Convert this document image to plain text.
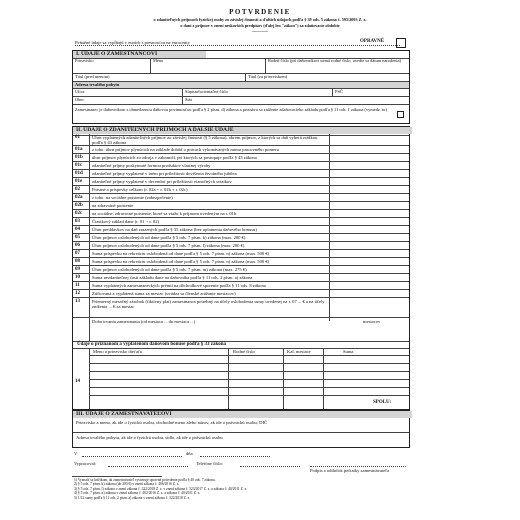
POTVRDENIE
o zdaniteľných príjmoch fyzickej osoby zo závislej činnosti a ďalších údajoch podľa § 39 ods. 5 zákona č. 595/2003 Z. z.
o dani z príjmov v znení neskorších predpisov (ďalej len "zákon") za zdaňovacie obdobie
...............
Peňažné údaje sa vypĺňajú v eurách s presnosťou na eurocenty	OPRAVNÉ
I. ÚDAJE O ZAMESTNANCOVI
Priezvisko	Meno	Rodné číslo (pri daňovníkovi nemá rodné číslo, uvedie sa dátum narodenia)
Titul (pred menom)	Titul (za priezviskom)
Adresa trvalého pobytu
Ulica	Súpisné/orientačné číslo	PSČ
Obec	Štát
Zamestnanec je daňovníkom s obmedzenou daňovou povinnosťou podľa § 2 písm. d) zákona a priznáva sa zníženie zdaňovacieho základu podľa § 11 ods. 1 zákona (vymedz. tu)
II. ÚDAJE O ZDANITEĽNÝCH PRÍJMOCH A ĎALŠIE ÚDAJE
01	Úhrn vyplatených zdaniteľných príjmov zo závislej činnosti (§ 5 zákona), okrem príjmov, z ktorých sa daň vyberá zrážkou podľa § 43 zákona
01a z toho: úhrn príjmov plynúcich na základe dohôd o prácach vykonávaných mimo pracovného pomeru
01b úhrn príjmov plynúcich zo zdroja v zahraničí, pri ktorých sa postupuje podľa § 45 zákona
01c zdaniteľné príjmy poskytnuté formou produktov vlastnej výroby
01d zdaniteľné príjmy vyplatené v iném pri príležitosti dovŕšenia životného jubilea
01e zdaniteľné príjmy vyplatené v decembri pri príležitosti vianočných sviatkov
02	Poistné a príspevky celkom (r. 02a + r. 02b + r. 02c)
02a z toho: na sociálne poistenie (zabezpečenie)
02b na zdravotné poistenie
02c na sociálne, zdravotné poistenie, ktoré sa viažu k príjmom uvedeným na r. 01b
03	Čiastkový základ dane (r. 01 − r. 02)
04	Úhrn preddavkov na daň zrazených podľa § 35 zákona (bez uplatnenia daňového bonusu)
05	Úhrn príjmov oslobodených od dane podľa § 5 ods. 7 písm. k) zákona (max. 200 €)
06	Úhrn príjmov oslobodených od dane podľa § 5 ods. 7 písm. l) zákona (max. 200 €)
07	Suma príspevku na rekreáciu oslobodená od dane podľa § 5 ods. 7 písm. n) zákona (max. 500 €)
08	Suma príspevku na rekreáciu oslobodená od dane podľa § 5 ods. 7 písm. n) zákona (max. 500 €)
09	Úhrn príjmov oslobodených od dane podľa § 5 ods. 7 písm. m) zákona (max. 275 €)
10	Suma nezdaniteľnej časti základu dane na daňovníka podľa § 11 ods. 2 písm. a) zákona
11	Suma vyplatených zamestnaneckých prémií na dôchodkové sporenie podľa § 11 ods. 8 zákona
12	Zúčtovaná a vyplatená suma za mesiac (uvádza sa členské zrážanie mesiacov)
13	Priemerný mesačný zárobok (fiktívny plat) zamestnanca potrebný na účely oslobodenia sumy uvedenej na r. 07 ... € a na účely zníženia ... € za mesiac
Doba trvania zamestnania (od mesiaca ... do mesiaca ...)	mesiacov
Údaje o priznanom a vyplatenom daňovom bonuse podľa § 33 zákona
14
Meno a priezvisko dieťaťa	Rodné číslo	Kal. mesiace	Suma
SPOLU:
III. ÚDAJE O ZAMESTNÁVATEĽOVI
Priezvisko a meno, ak ide o fyzickú osobu, obchodné meno alebo názov, ak ide o právnickú osobu; DIČ
Adresa trvalého pobytu, ak ide o fyzickú osobu, sídlo, ak ide o právnickú osobu
V	dňa
Vypracoval:	Telefóne číslo:
Podpis a odtlačok pečiatky zamestnávateľa
1) Vyznačí sa krížikom, ak zamestnávateľ vystavuje opravné potvrdenie podľa § 40 ods. 7 zákona.
2) § 5 ods. 7 písm. k) zákona (do 200 €) v znení zákona č. 406/2016 Z. z.
3) § 5 ods. 7 písm. l) zákona v znení zákona č. 322/2018 Z. z. v znení zákona č. 523/2017 Z. z. a zákona č. 40/2011 Z. z.
4) § 5 ods. 7 písm. n) zákona v znení zákona č. 402/2016 Z. z. a zákona č. 40/2011 Z. z.
5) 1/12 sumy podľa § 11 ods. 2 písm. a) zákona v znení zákona č. 322/2018 Z. z.
